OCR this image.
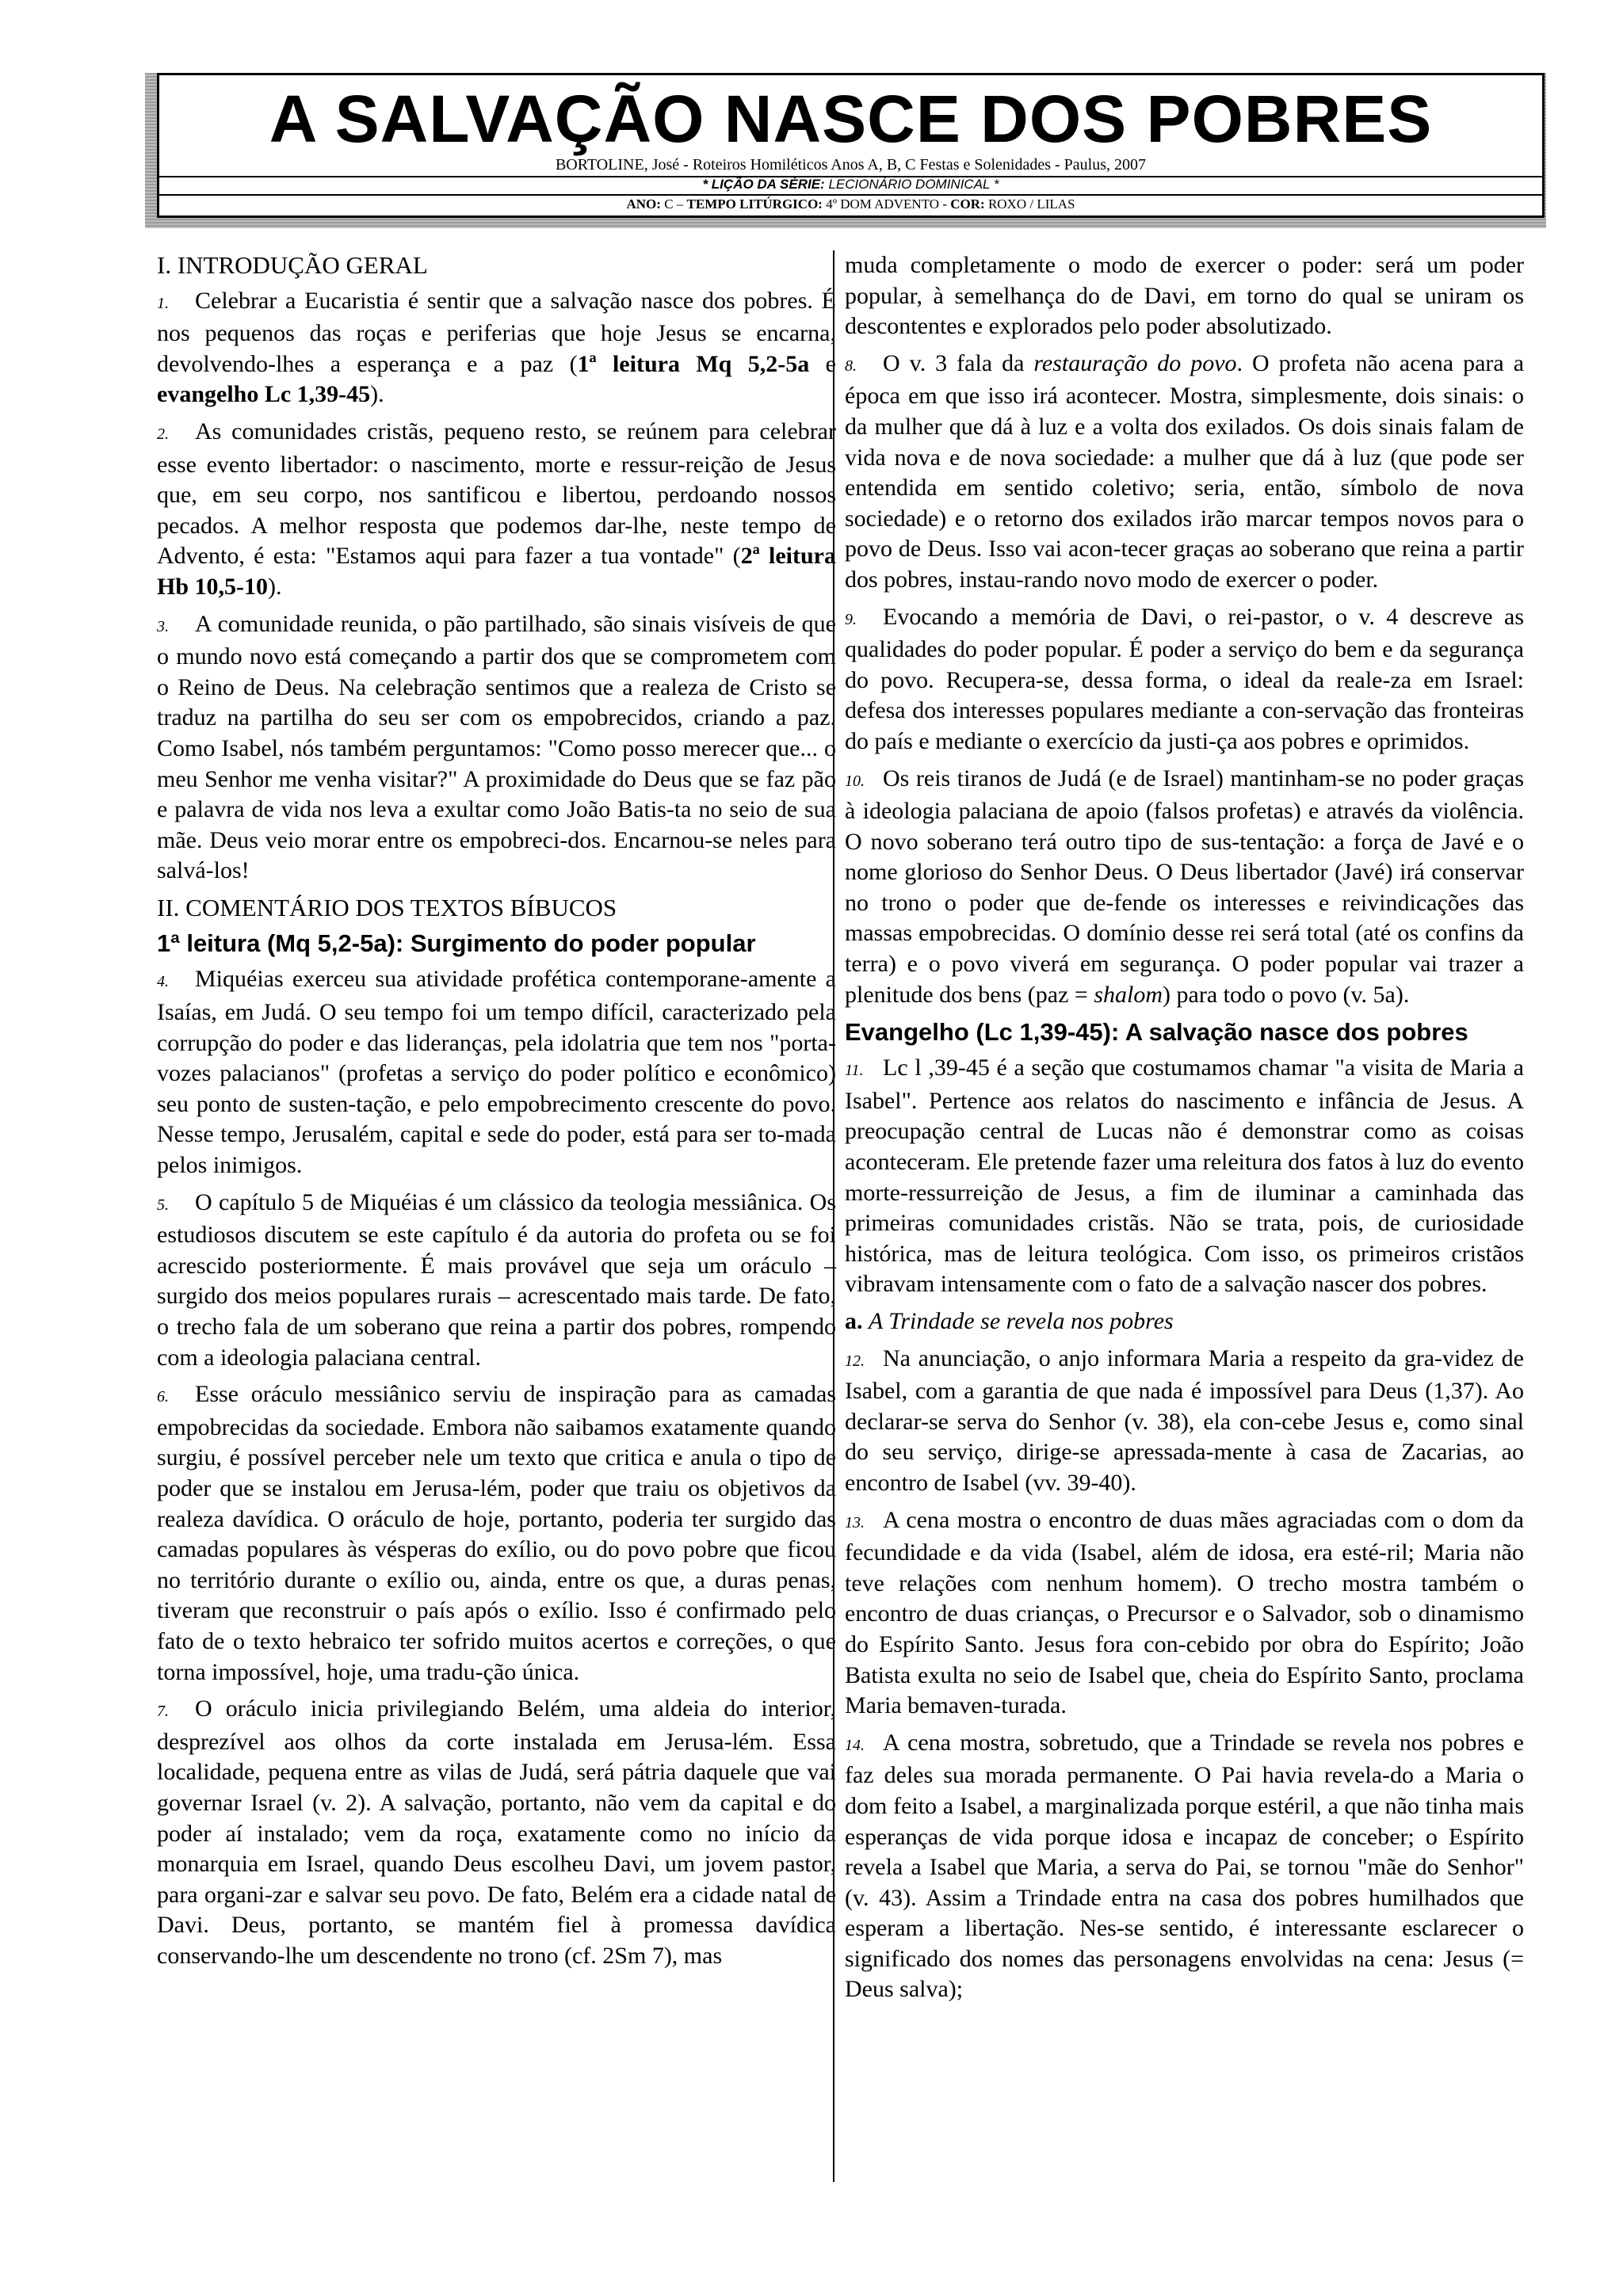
A SALVAÇÃO NASCE DOS POBRES
BORTOLINE, José - Roteiros Homiléticos Anos A, B, C Festas e Solenidades - Paulus, 2007
* LIÇÃO DA SÉRIE: LECIONÁRIO DOMINICAL *
ANO: C – TEMPO LITÚRGICO: 4º DOM ADVENTO - COR: ROXO / LILAS
I. INTRODUÇÃO GERAL

1. Celebrar a Eucaristia é sentir que a salvação nasce dos pobres. É nos pequenos das roças e periferias que hoje Jesus se encarna, devolvendo-lhes a esperança e a paz (1ª leitura Mq 5,2-5a e evangelho Lc 1,39-45).

2. As comunidades cristãs, pequeno resto, se reúnem para celebrar esse evento libertador: o nascimento, morte e ressur-reição de Jesus que, em seu corpo, nos santificou e libertou, perdoando nossos pecados. A melhor resposta que podemos dar-lhe, neste tempo de Advento, é esta: "Estamos aqui para fazer a tua vontade" (2ª leitura Hb 10,5-10).

3. A comunidade reunida, o pão partilhado, são sinais visíveis de que o mundo novo está começando a partir dos que se comprometem com o Reino de Deus. Na celebração sentimos que a realeza de Cristo se traduz na partilha do seu ser com os empobrecidos, criando a paz. Como Isabel, nós também perguntamos: "Como posso merecer que... o meu Senhor me venha visitar?" A proximidade do Deus que se faz pão e palavra de vida nos leva a exultar como João Batis-ta no seio de sua mãe. Deus veio morar entre os empobreci-dos. Encarnou-se neles para salvá-los!

II. COMENTÁRIO DOS TEXTOS BÍBUCOS
1ª leitura (Mq 5,2-5a): Surgimento do poder popular

4. Miquéias exerceu sua atividade profética contemporane-amente a Isaías, em Judá. O seu tempo foi um tempo difícil, caracterizado pela corrupção do poder e das lideranças, pela idolatria que tem nos "porta-vozes palacianos" (profetas a serviço do poder político e econômico) seu ponto de susten-tação, e pelo empobrecimento crescente do povo. Nesse tempo, Jerusalém, capital e sede do poder, está para ser to-mada pelos inimigos.

5. O capítulo 5 de Miquéias é um clássico da teologia messiânica. Os estudiosos discutem se este capítulo é da autoria do profeta ou se foi acrescido posteriormente. É mais provável que seja um oráculo – surgido dos meios populares rurais – acrescentado mais tarde. De fato, o trecho fala de um soberano que reina a partir dos pobres, rompendo com a ideologia palaciana central.

6. Esse oráculo messiânico serviu de inspiração para as camadas empobrecidas da sociedade. Embora não saibamos exatamente quando surgiu, é possível perceber nele um texto que critica e anula o tipo de poder que se instalou em Jerusa-lém, poder que traiu os objetivos da realeza davídica. O oráculo de hoje, portanto, poderia ter surgido das camadas populares às vésperas do exílio, ou do povo pobre que ficou no território durante o exílio ou, ainda, entre os que, a duras penas, tiveram que reconstruir o país após o exílio. Isso é confirmado pelo fato de o texto hebraico ter sofrido muitos acertos e correções, o que torna impossível, hoje, uma tradu-ção única.

7. O oráculo inicia privilegiando Belém, uma aldeia do interior, desprezível aos olhos da corte instalada em Jerusa-lém. Essa localidade, pequena entre as vilas de Judá, será pátria daquele que vai governar Israel (v. 2). A salvação, portanto, não vem da capital e do poder aí instalado; vem da roça, exatamente como no início da monarquia em Israel, quando Deus escolheu Davi, um jovem pastor, para organi-zar e salvar seu povo. De fato, Belém era a cidade natal de Davi. Deus, portanto, se mantém fiel à promessa davídica conservando-lhe um descendente no trono (cf. 2Sm 7), mas

muda completamente o modo de exercer o poder: será um poder popular, à semelhança do de Davi, em torno do qual se uniram os descontentes e explorados pelo poder absolutizado.

8. O v. 3 fala da restauração do povo. O profeta não acena para a época em que isso irá acontecer. Mostra, simplesmente, dois sinais: o da mulher que dá à luz e a volta dos exilados. Os dois sinais falam de vida nova e de nova sociedade: a mulher que dá à luz (que pode ser entendida em sentido coletivo; seria, então, símbolo de nova sociedade) e o retorno dos exilados irão marcar tempos novos para o povo de Deus. Isso vai acon-tecer graças ao soberano que reina a partir dos pobres, instau-rando novo modo de exercer o poder.

9. Evocando a memória de Davi, o rei-pastor, o v. 4 descreve as qualidades do poder popular. É poder a serviço do bem e da segurança do povo. Recupera-se, dessa forma, o ideal da reale-za em Israel: defesa dos interesses populares mediante a con-servação das fronteiras do país e mediante o exercício da justi-ça aos pobres e oprimidos.

10. Os reis tiranos de Judá (e de Israel) mantinham-se no poder graças à ideologia palaciana de apoio (falsos profetas) e através da violência. O novo soberano terá outro tipo de sus-tentação: a força de Javé e o nome glorioso do Senhor Deus. O Deus libertador (Javé) irá conservar no trono o poder que de-fende os interesses e reivindicações das massas empobrecidas. O domínio desse rei será total (até os confins da terra) e o povo viverá em segurança. O poder popular vai trazer a plenitude dos bens (paz = shalom) para todo o povo (v. 5a).

Evangelho (Lc 1,39-45): A salvação nasce dos pobres

11. Lc l ,39-45 é a seção que costumamos chamar "a visita de Maria a Isabel". Pertence aos relatos do nascimento e infância de Jesus. A preocupação central de Lucas não é demonstrar como as coisas aconteceram. Ele pretende fazer uma releitura dos fatos à luz do evento morte-ressurreição de Jesus, a fim de iluminar a caminhada das primeiras comunidades cristãs. Não se trata, pois, de curiosidade histórica, mas de leitura teológica. Com isso, os primeiros cristãos vibravam intensamente com o fato de a salvação nascer dos pobres.

a. A Trindade se revela nos pobres

12. Na anunciação, o anjo informara Maria a respeito da gra-videz de Isabel, com a garantia de que nada é impossível para Deus (1,37). Ao declarar-se serva do Senhor (v. 38), ela con-cebe Jesus e, como sinal do seu serviço, dirige-se apressada-mente à casa de Zacarias, ao encontro de Isabel (vv. 39-40).

13. A cena mostra o encontro de duas mães agraciadas com o dom da fecundidade e da vida (Isabel, além de idosa, era esté-ril; Maria não teve relações com nenhum homem). O trecho mostra também o encontro de duas crianças, o Precursor e o Salvador, sob o dinamismo do Espírito Santo. Jesus fora con-cebido por obra do Espírito; João Batista exulta no seio de Isabel que, cheia do Espírito Santo, proclama Maria bemaven-turada.

14. A cena mostra, sobretudo, que a Trindade se revela nos pobres e faz deles sua morada permanente. O Pai havia revela-do a Maria o dom feito a Isabel, a marginalizada porque estéril, a que não tinha mais esperanças de vida porque idosa e incapaz de conceber; o Espírito revela a Isabel que Maria, a serva do Pai, se tornou "mãe do Senhor" (v. 43). Assim a Trindade entra na casa dos pobres humilhados que esperam a libertação. Nes-se sentido, é interessante esclarecer o significado dos nomes das personagens envolvidas na cena: Jesus (= Deus salva);
